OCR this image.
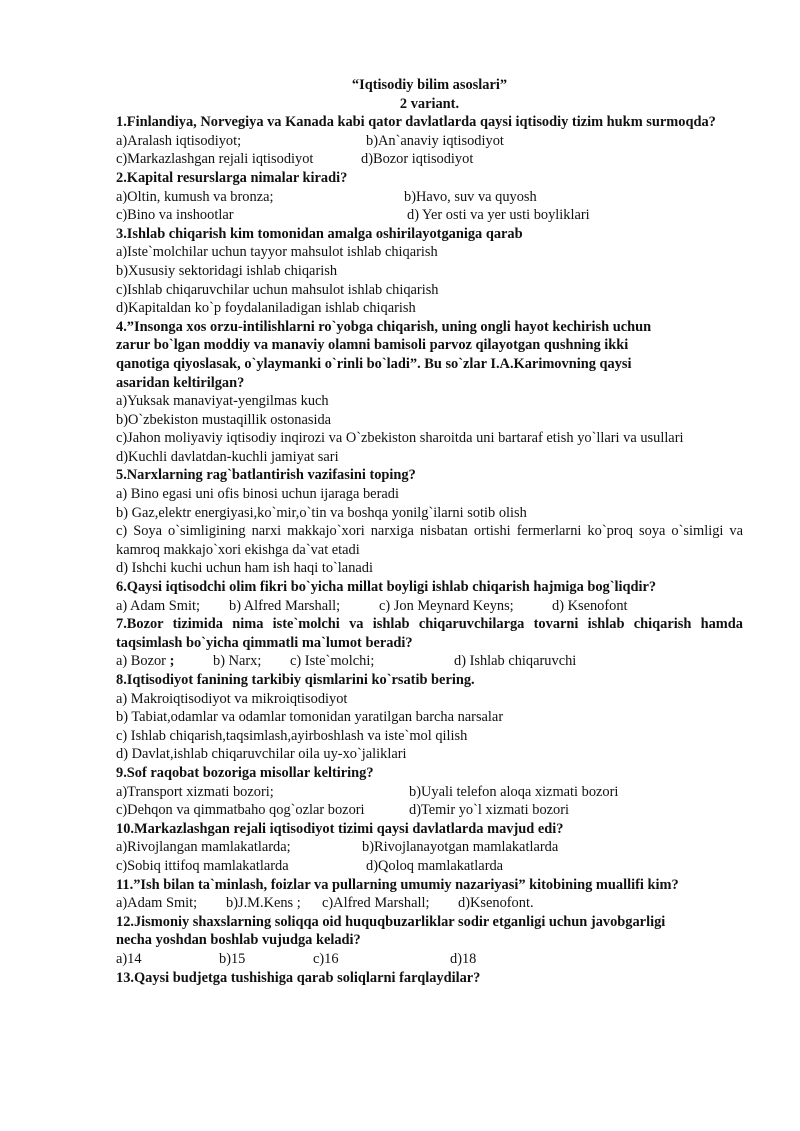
“Iqtisodiy bilim asoslari”
2 variant.
1.Finlandiya, Norvegiya va Kanada kabi qator davlatlarda qaysi iqtisodiy tizim hukm surmoqda?
a)Aralash iqtisodiyot;	b)An`anaviy iqtisodiyot
c)Markazlashgan rejali iqtisodiyot	d)Bozor iqtisodiyot
2.Kapital resurslarga nimalar kiradi?
a)Oltin, kumush va bronza;	b)Havo, suv va quyosh
c)Bino va inshootlar	d) Yer osti va yer usti boyliklari
3.Ishlab chiqarish kim tomonidan amalga oshirilayotganiga qarab
a)Iste`molchilar uchun tayyor mahsulot ishlab chiqarish
b)Xususiy sektoridagi ishlab chiqarish
c)Ishlab chiqaruvchilar uchun mahsulot ishlab chiqarish
d)Kapitaldan ko`p foydalaniladigan ishlab chiqarish
4.”Insonga xos orzu-intilishlarni ro`yobga chiqarish, uning ongli hayot kechirish uchun
zarur bo`lgan moddiy va manaviy olamni bamisoli parvoz qilayotgan qushning ikki
qanotiga qiyoslasak, o`ylaymanki o`rinli bo`ladi”. Bu so`zlar I.A.Karimovning qaysi
asaridan keltirilgan?
a)Yuksak manaviyat-yengilmas kuch
b)O`zbekiston mustaqillik ostonasida
c)Jahon moliyaviy iqtisodiy inqirozi va O`zbekiston sharoitda uni bartaraf etish yo`llari va usullari
d)Kuchli davlatdan-kuchli jamiyat sari
5.Narxlarning rag`batlantirish vazifasini toping?
a) Bino egasi uni ofis binosi uchun ijaraga beradi
b) Gaz,elektr energiyasi,ko`mir,o`tin va boshqa yonilg`ilarni sotib olish
c) Soya o`simligining narxi makkajo`xori narxiga nisbatan ortishi fermerlarni ko`proq soya o`simligi va kamroq makkajo`xori ekishga da`vat etadi
d) Ishchi kuchi uchun ham ish haqi to`lanadi
6.Qaysi iqtisodchi olim fikri bo`yicha millat boyligi ishlab chiqarish hajmiga bog`liqdir?
a) Adam Smit; b) Alfred Marshall;	c) Jon Meynard Keyns;	d) Ksenofont
7.Bozor tizimida nima iste`molchi va ishlab chiqaruvchilarga tovarni ishlab chiqarish hamda taqsimlash bo`yicha qimmatli ma`lumot beradi?
a) Bozor ;	b) Narx; c) Iste`molchi;	d) Ishlab chiqaruvchi
8.Iqtisodiyot fanining tarkibiy qismlarini ko`rsatib bering.
a) Makroiqtisodiyot va mikroiqtisodiyot
b) Tabiat,odamlar va odamlar tomonidan yaratilgan barcha narsalar
c) Ishlab chiqarish,taqsimlash,ayirboshlash va iste`mol qilish
d) Davlat,ishlab chiqaruvchilar oila uy-xo`jaliklari
9.Sof raqobat bozoriga misollar keltiring?
a)Transport xizmati bozori;	b)Uyali telefon aloqa xizmati bozori
c)Dehqon va qimmatbaho qog`ozlar bozori	d)Temir yo`l xizmati bozori
10.Markazlashgan rejali iqtisodiyot tizimi qaysi davlatlarda mavjud edi?
a)Rivojlangan mamlakatlarda;	b)Rivojlanayotgan mamlakatlarda
c)Sobiq ittifoq mamlakatlarda	d)Qoloq mamlakatlarda
11.”Ish bilan ta`minlash, foizlar va pullarning umumiy nazariyasi” kitobining muallifi kim?
a)Adam Smit; b)J.M.Kens ; c)Alfred Marshall; d)Ksenofont.
12.Jismoniy shaxslarning soliqqa oid huquqbuzarliklar sodir etganligi uchun javobgarligi
necha yoshdan boshlab vujudga keladi?
a)14	b)15	c)16	d)18
13.Qaysi budjetga tushishiga qarab soliqlarni farqlaydilar?
